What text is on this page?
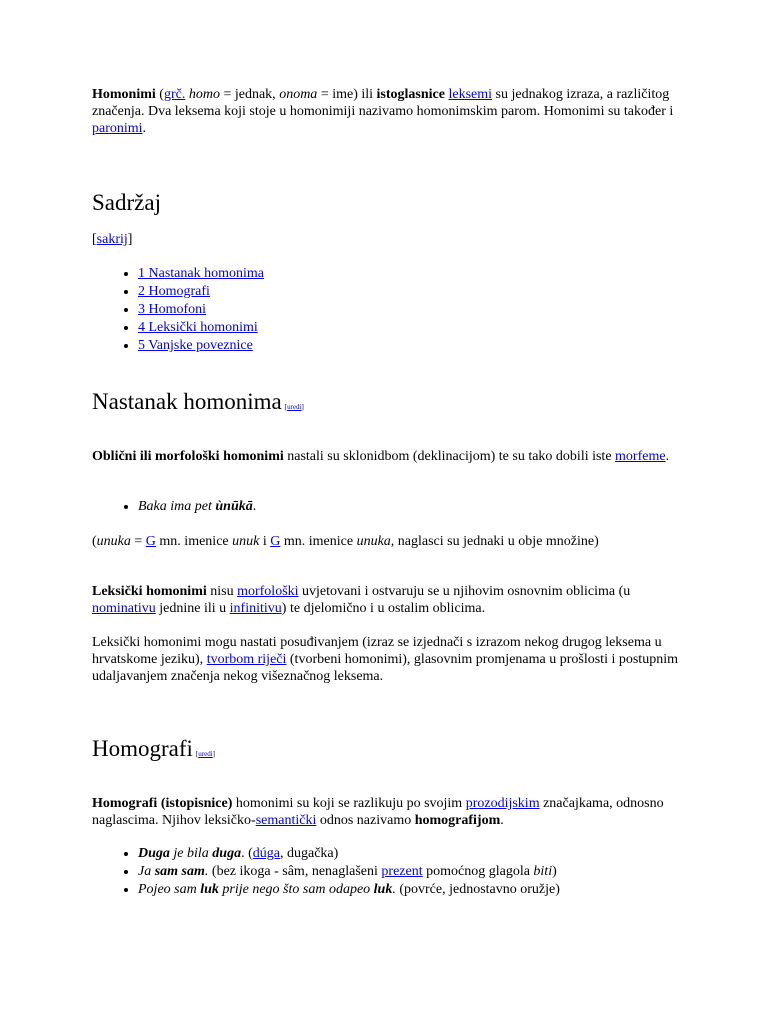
Homonimi (grč. homo = jednak, onoma = ime) ili istoglasnice leksemi su jednakog izraza, a različitog značenja. Dva leksema koji stoje u homonimiji nazivamo homonimskim parom. Homonimi su također i paronimi.

Sadržaj

[sakrij]

• 1 Nastanak homonima
• 2 Homografi
• 3 Homofoni
• 4 Leksički homonimi
• 5 Vanjske poveznice
Nastanak homonima [uredi]

Oblični ili morfološki homonimi nastali su sklonidbom (deklinacijom) te su tako dobili iste morfeme.

• Baka ima pet ùnūkā.

(unuka = G mn. imenice unuk i G mn. imenice unuka, naglasci su jednaki u obje množine)

Leksički homonimi nisu morfološki uvjetovani i ostvaruju se u njihovim osnovnim oblicima (u nominativu jednine ili u infinitivu) te djelomično i u ostalim oblicima.

Leksički homonimi mogu nastati posuđivanjem (izraz se izjednači s izrazom nekog drugog leksema u hrvatskome jeziku), tvorbom riječi (tvorbeni homonimi), glasovnim promjenama u prošlosti i postupnim udaljavanjem značenja nekog višeznačnog leksema.

Homografi [uredi]

Homografi (istopisnice) homonimi su koji se razlikuju po svojim prozodijskim značajkama, odnosno naglascima. Njihov leksičko-semantički odnos nazivamo homografijom.

• Duga je bila duga. (dúga, dugačka)
• Ja sam sam. (bez ikoga - sâm, nenaglašeni prezent pomoćnog glagola biti)
• Pojeo sam luk prije nego što sam odapeo luk. (povrće, jednostavno oružje)
